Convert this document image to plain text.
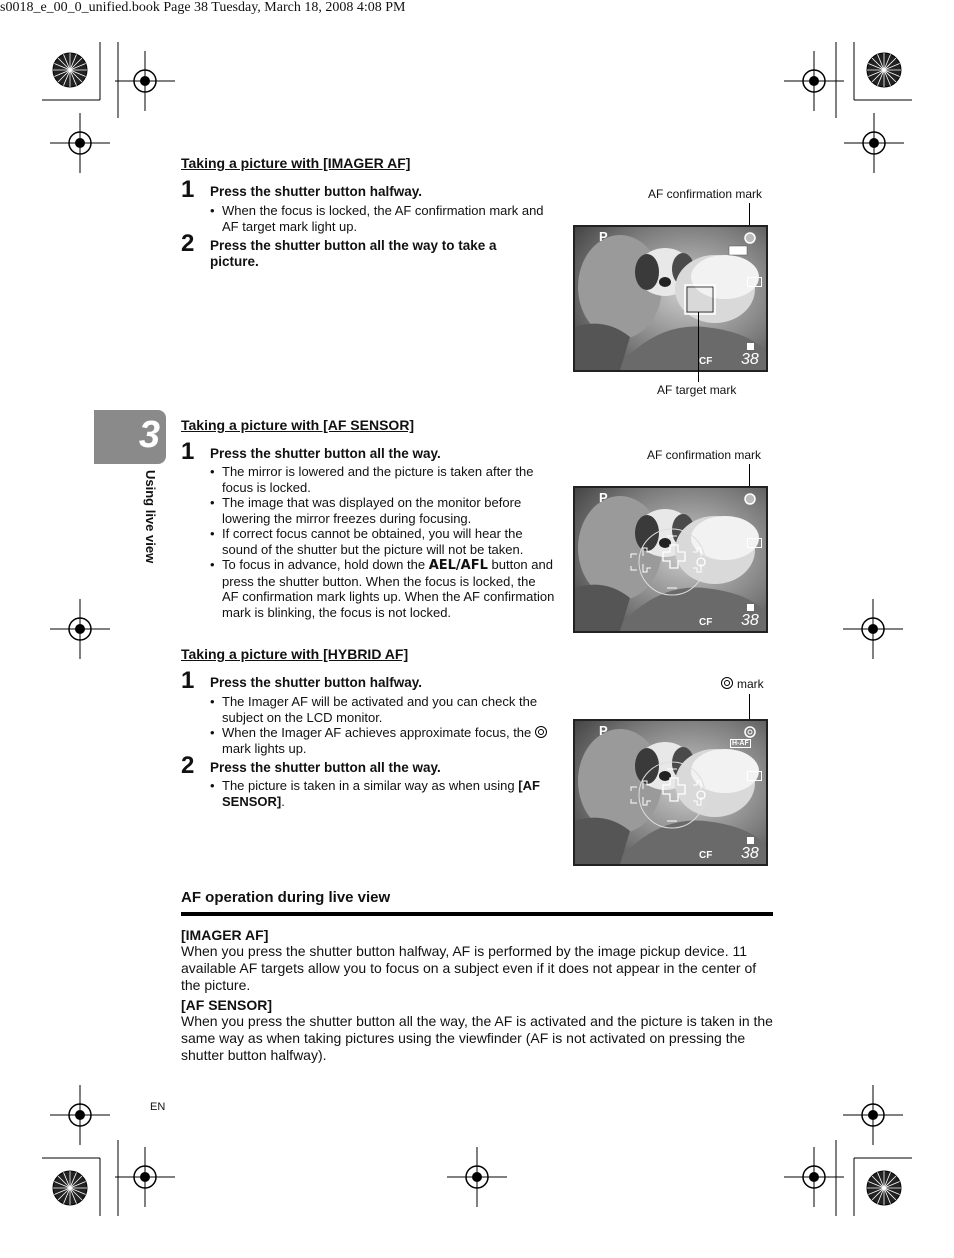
s0018_e_00_0_unified.book Page 38 Tuesday, March 18, 2008 4:08 PM
3
Using live view
Taking a picture with [IMAGER AF]
1 Press the shutter button halfway.
• When the focus is locked, the AF confirmation mark and AF target mark light up.
2 Press the shutter button all the way to take a picture.
AF confirmation mark
P
CF 38
AF target mark
Taking a picture with [AF SENSOR]
1 Press the shutter button all the way.
• The mirror is lowered and the picture is taken after the focus is locked.
• The image that was displayed on the monitor before lowering the mirror freezes during focusing.
• If correct focus cannot be obtained, you will hear the sound of the shutter but the picture will not be taken.
• To focus in advance, hold down the AEL/AFL button and press the shutter button. When the focus is locked, the AF confirmation mark lights up. When the AF confirmation mark is blinking, the focus is not locked.
AF confirmation mark
P
CF 38
Taking a picture with [HYBRID AF]
1 Press the shutter button halfway.
• The Imager AF will be activated and you can check the subject on the LCD monitor.
• When the Imager AF achieves approximate focus, the
mark lights up.
2 Press the shutter button all the way.
• The picture is taken in a similar way as when using [AF SENSOR].
mark
P
H-AF
CF 38
AF operation during live view
[IMAGER AF]
When you press the shutter button halfway, AF is performed by the image pickup device. 11 available AF targets allow you to focus on a subject even if it does not appear in the center of the picture.
[AF SENSOR]
When you press the shutter button all the way, the AF is activated and the picture is taken in the same way as when taking pictures using the viewfinder (AF is not activated on pressing the shutter button halfway).
EN
